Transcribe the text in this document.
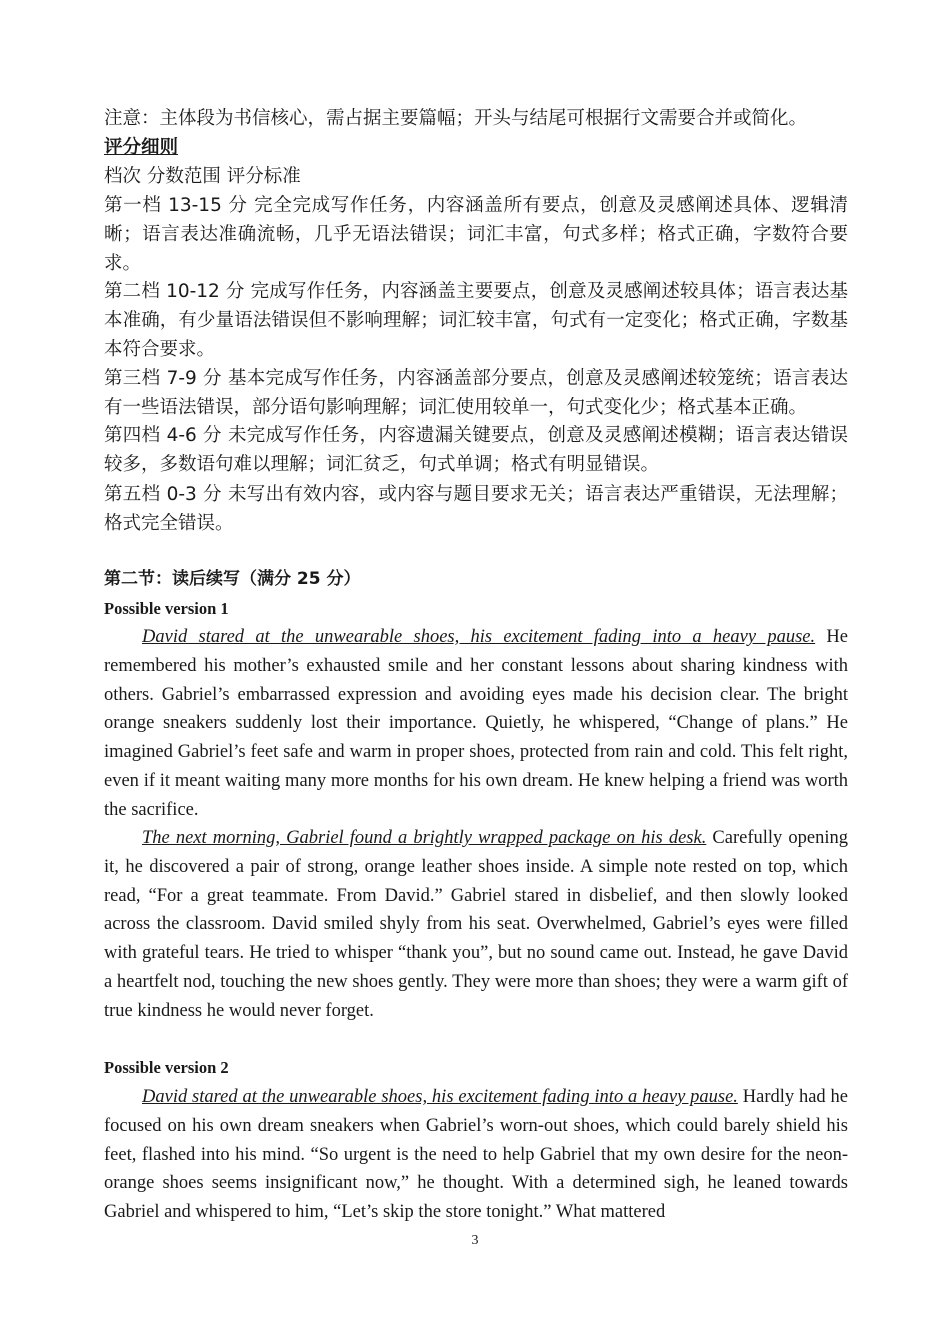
注意：主体段为书信核心，需占据主要篇幅；开头与结尾可根据行文需要合并或简化。

评分细则

档次 分数范围 评分标准

第一档 13-15 分 完全完成写作任务，内容涵盖所有要点，创意及灵感阐述具体、逻辑清晰；语言表达准确流畅，几乎无语法错误；词汇丰富，句式多样；格式正确，字数符合要求。

第二档 10-12 分 完成写作任务，内容涵盖主要要点，创意及灵感阐述较具体；语言表达基本准确，有少量语法错误但不影响理解；词汇较丰富，句式有一定变化；格式正确，字数基本符合要求。

第三档 7-9 分 基本完成写作任务，内容涵盖部分要点，创意及灵感阐述较笼统；语言表达有一些语法错误，部分语句影响理解；词汇使用较单一，句式变化少；格式基本正确。

第四档 4-6 分 未完成写作任务，内容遗漏关键要点，创意及灵感阐述模糊；语言表达错误较多，多数语句难以理解；词汇贫乏，句式单调；格式有明显错误。

第五档 0-3 分 未写出有效内容，或内容与题目要求无关；语言表达严重错误，无法理解；格式完全错误。

第二节：读后续写（满分 25 分）

Possible version 1

David stared at the unwearable shoes, his excitement fading into a heavy pause. He remembered his mother’s exhausted smile and her constant lessons about sharing kindness with others. Gabriel’s embarrassed expression and avoiding eyes made his decision clear. The bright orange sneakers suddenly lost their importance. Quietly, he whispered, “Change of plans.” He imagined Gabriel’s feet safe and warm in proper shoes, protected from rain and cold. This felt right, even if it meant waiting many more months for his own dream. He knew helping a friend was worth the sacrifice.

The next morning, Gabriel found a brightly wrapped package on his desk. Carefully opening it, he discovered a pair of strong, orange leather shoes inside. A simple note rested on top, which read, “For a great teammate. From David.” Gabriel stared in disbelief, and then slowly looked across the classroom. David smiled shyly from his seat. Overwhelmed, Gabriel’s eyes were filled with grateful tears. He tried to whisper “thank you”, but no sound came out. Instead, he gave David a heartfelt nod, touching the new shoes gently. They were more than shoes; they were a warm gift of true kindness he would never forget.

Possible version 2

David stared at the unwearable shoes, his excitement fading into a heavy pause. Hardly had he focused on his own dream sneakers when Gabriel’s worn-out shoes, which could barely shield his feet, flashed into his mind. “So urgent is the need to help Gabriel that my own desire for the neon-orange shoes seems insignificant now,” he thought. With a determined sigh, he leaned towards Gabriel and whispered to him, “Let’s skip the store tonight.” What mattered

3
